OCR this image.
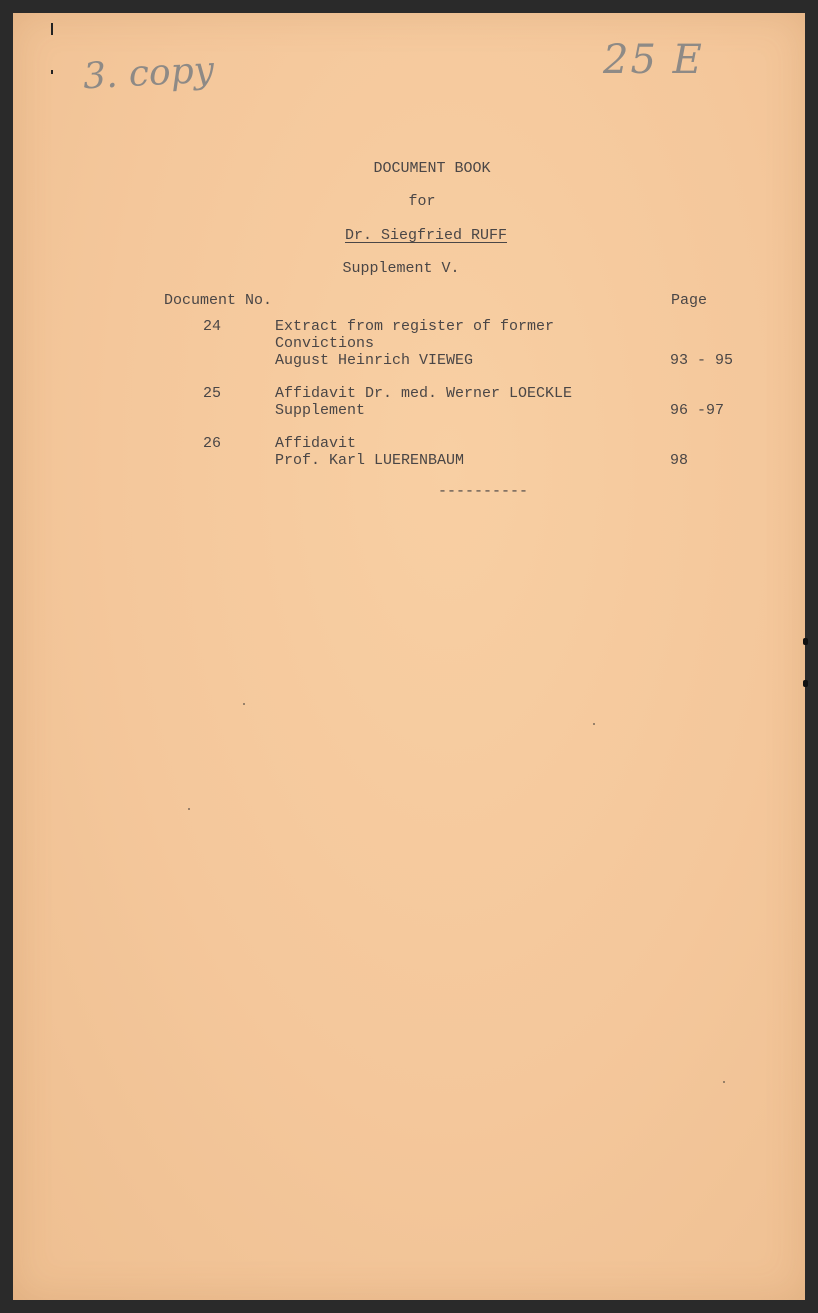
3. copy	25 E
DOCUMENT BOOK
for
Dr. Siegfried RUFF
Supplement V.
Document No.	Page
24	Extract from register of former
Convictions
August Heinrich VIEWEG	93 - 95
25	Affidavit Dr. med. Werner LOECKLE
Supplement	96 -97
26	Affidavit
Prof. Karl LUERENBAUM	98
----------
